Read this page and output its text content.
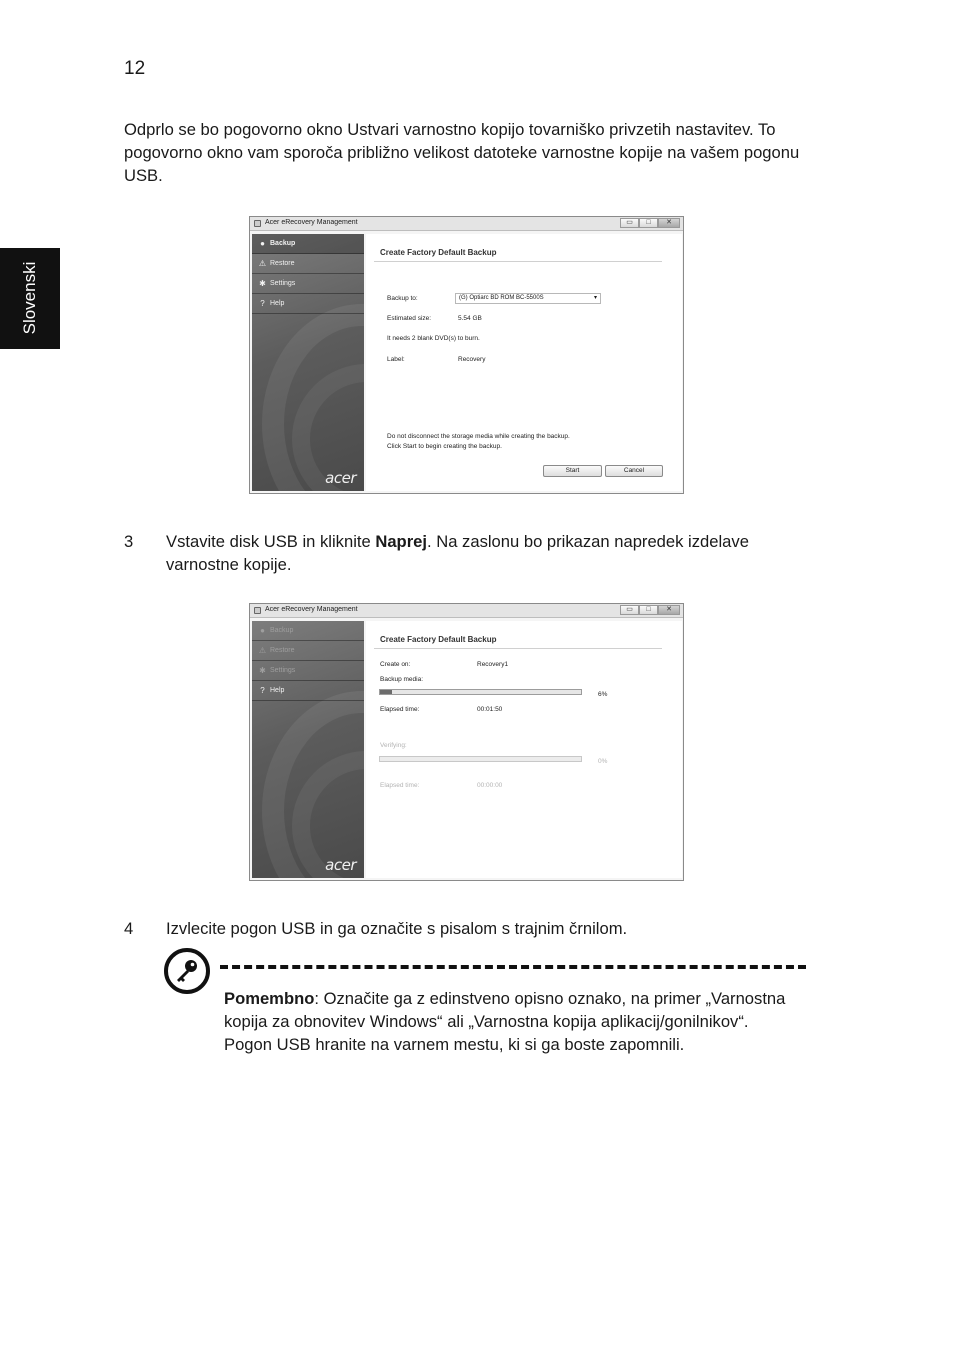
12
Slovenski

Odprlo se bo pogovorno okno Ustvari varnostno kopijo tovarniško privzetih nastavitev. To pogovorno okno vam sporoča približno velikost datoteke varnostne kopije na vašem pogonu USB.

Acer eRecovery Management	▭	□	✕
● Backup
⚠ Restore
✱ Settings
? Help
acer
Create Factory Default Backup
Backup to:	(G) Optiarc BD ROM BC-5500S	▾
Estimated size:	5.54 GB
It needs 2 blank DVD(s) to burn.
Label:	Recovery
Do not disconnect the storage media while creating the backup.
Click Start to begin creating the backup.
Start	Cancel
3 Vstavite disk USB in kliknite Naprej. Na zaslonu bo prikazan napredek izdelave varnostne kopije.

Acer eRecovery Management	▭	□	✕
● Backup
⚠ Restore
✱ Settings
? Help
acer
Create Factory Default Backup
Create on:	Recovery1
Backup media:
6%
Elapsed time:	00:01:50
Verifying:
0%
Elapsed time:	00:00:00
4 Izvlecite pogon USB in ga označite s pisalom s trajnim črnilom.

Pomembno: Označite ga z edinstveno opisno oznako, na primer „Varnostna kopija za obnovitev Windows“ ali „Varnostna kopija aplikacij/gonilnikov“. Pogon USB hranite na varnem mestu, ki si ga boste zapomnili.
